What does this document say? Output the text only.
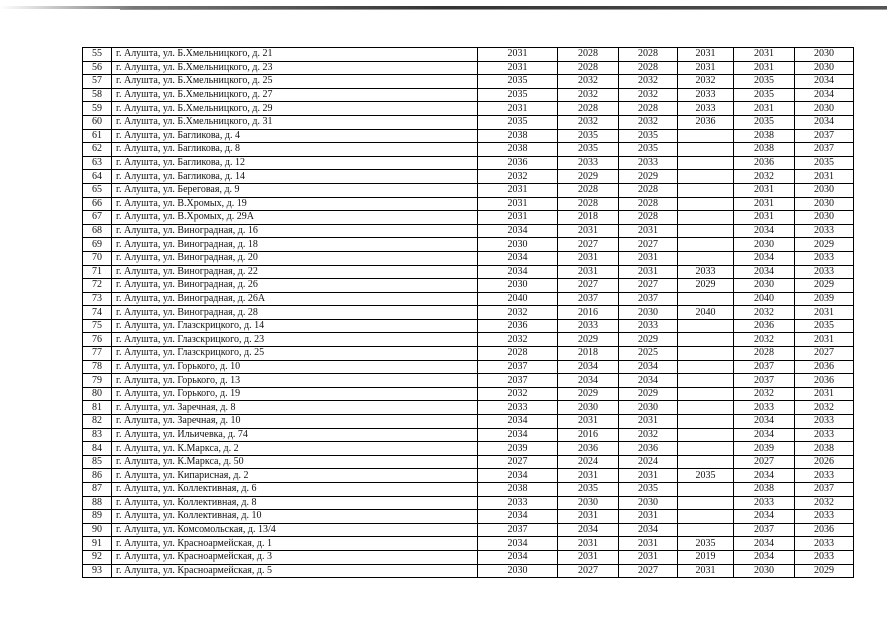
55	г. Алушта, ул. Б.Хмельницкого, д. 21	2031	2028	2028	2031	2031	2030
56	г. Алушта, ул. Б.Хмельницкого, д. 23	2031	2028	2028	2031	2031	2030
57	г. Алушта, ул. Б.Хмельницкого, д. 25	2035	2032	2032	2032	2035	2034
58	г. Алушта, ул. Б.Хмельницкого, д. 27	2035	2032	2032	2033	2035	2034
59	г. Алушта, ул. Б.Хмельницкого, д. 29	2031	2028	2028	2033	2031	2030
60	г. Алушта, ул. Б.Хмельницкого, д. 31	2035	2032	2032	2036	2035	2034
61	г. Алушта, ул. Багликова, д. 4	2038	2035	2035		2038	2037
62	г. Алушта, ул. Багликова, д. 8	2038	2035	2035		2038	2037
63	г. Алушта, ул. Багликова, д. 12	2036	2033	2033		2036	2035
64	г. Алушта, ул. Багликова, д. 14	2032	2029	2029		2032	2031
65	г. Алушта, ул. Береговая, д. 9	2031	2028	2028		2031	2030
66	г. Алушта, ул. В.Хромых, д. 19	2031	2028	2028		2031	2030
67	г. Алушта, ул. В.Хромых, д. 29А	2031	2018	2028		2031	2030
68	г. Алушта, ул. Виноградная, д. 16	2034	2031	2031		2034	2033
69	г. Алушта, ул. Виноградная, д. 18	2030	2027	2027		2030	2029
70	г. Алушта, ул. Виноградная, д. 20	2034	2031	2031		2034	2033
71	г. Алушта, ул. Виноградная, д. 22	2034	2031	2031	2033	2034	2033
72	г. Алушта, ул. Виноградная, д. 26	2030	2027	2027	2029	2030	2029
73	г. Алушта, ул. Виноградная, д. 26А	2040	2037	2037		2040	2039
74	г. Алушта, ул. Виноградная, д. 28	2032	2016	2030	2040	2032	2031
75	г. Алушта, ул. Глазскрицкого, д. 14	2036	2033	2033		2036	2035
76	г. Алушта, ул. Глазскрицкого, д. 23	2032	2029	2029		2032	2031
77	г. Алушта, ул. Глазскрицкого, д. 25	2028	2018	2025		2028	2027
78	г. Алушта, ул. Горького, д. 10	2037	2034	2034		2037	2036
79	г. Алушта, ул. Горького, д. 13	2037	2034	2034		2037	2036
80	г. Алушта, ул. Горького, д. 19	2032	2029	2029		2032	2031
81	г. Алушта, ул. Заречная, д. 8	2033	2030	2030		2033	2032
82	г. Алушта, ул. Заречная, д. 10	2034	2031	2031		2034	2033
83	г. Алушта, ул. Ильичевка, д. 74	2034	2016	2032		2034	2033
84	г. Алушта, ул. К.Маркса, д. 2	2039	2036	2036		2039	2038
85	г. Алушта, ул. К.Маркса, д. 50	2027	2024	2024		2027	2026
86	г. Алушта, ул. Кипарисная, д. 2	2034	2031	2031	2035	2034	2033
87	г. Алушта, ул. Коллективная, д. 6	2038	2035	2035		2038	2037
88	г. Алушта, ул. Коллективная, д. 8	2033	2030	2030		2033	2032
89	г. Алушта, ул. Коллективная, д. 10	2034	2031	2031		2034	2033
90	г. Алушта, ул. Комсомольская, д. 13/4	2037	2034	2034		2037	2036
91	г. Алушта, ул. Красноармейская, д. 1	2034	2031	2031	2035	2034	2033
92	г. Алушта, ул. Красноармейская, д. 3	2034	2031	2031	2019	2034	2033
93	г. Алушта, ул. Красноармейская, д. 5	2030	2027	2027	2031	2030	2029
